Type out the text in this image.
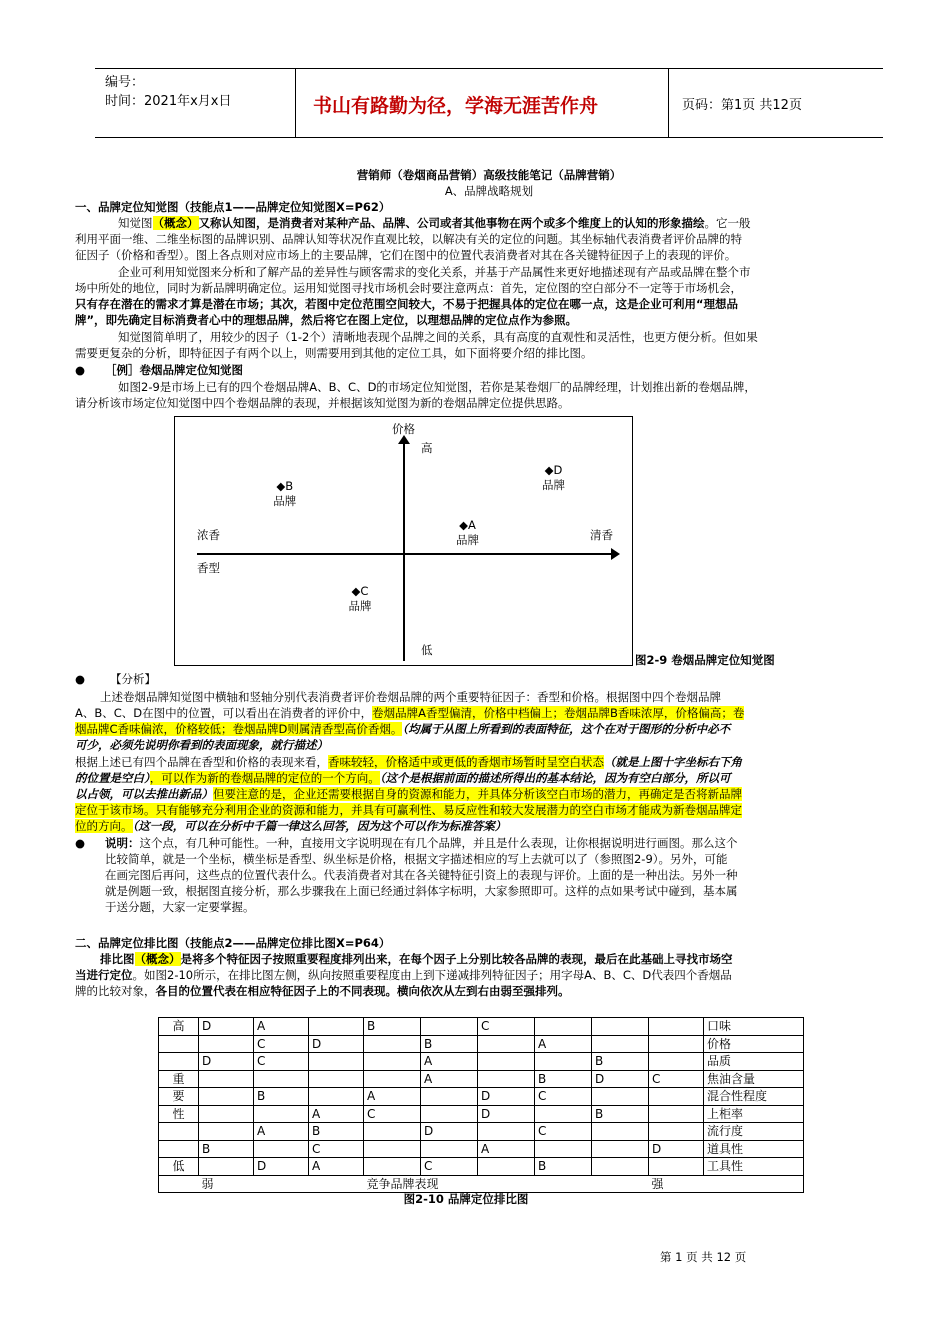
编号：
时间：2021年x月x日	书山有路勤为径，学海无涯苦作舟	页码：第1页 共12页
营销师（卷烟商品营销）高级技能笔记（品牌营销）
A、品牌战略规划
一、品牌定位知觉图（技能点1——品牌定位知觉图X=P62）
知觉图（概念）又称认知图，是消费者对某种产品、品牌、公司或者其他事物在两个或多个维度上的认知的形象描绘。它一般
利用平面一维、二维坐标图的品牌识别、品牌认知等状况作直观比较，以解决有关的定位的问题。其坐标轴代表消费者评价品牌的特
征因子（价格和香型）。图上各点则对应市场上的主要品牌，它们在图中的位置代表消费者对其在各关键特征因子上的表现的评价。
企业可利用知觉图来分析和了解产品的差异性与顾客需求的变化关系，并基于产品属性来更好地描述现有产品或品牌在整个市
场中所处的地位，同时为新品牌明确定位。运用知觉图寻找市场机会时要注意两点：首先，定位图的空白部分不一定等于市场机会，
只有存在潜在的需求才算是潜在市场；其次，若图中定位范围空间较大，不易于把握具体的定位在哪一点，这是企业可利用“理想品
牌”，即先确定目标消费者心中的理想品牌，然后将它在图上定位，以理想品牌的定位点作为参照。
知觉图简单明了，用较少的因子（1-2个）清晰地表现个品牌之间的关系，具有高度的直观性和灵活性，也更方便分析。但如果
需要更复杂的分析，即特征因子有两个以上，则需要用到其他的定位工具，如下面将要介绍的排比图。
● ［例］卷烟品牌定位知觉图
如图2-9是市场上已有的四个卷烟品牌A、B、C、D的市场定位知觉图，若你是某卷烟厂的品牌经理，计划推出新的卷烟品牌，
请分析该市场定位知觉图中四个卷烟品牌的表现，并根据该知觉图为新的卷烟品牌定位提供思路。
价格
高
低
浓香
香型
清香
◆B
品牌
◆D
品牌
◆A
品牌
◆C
品牌
图2-9 卷烟品牌定位知觉图
● 【分析】
上述卷烟品牌知觉图中横轴和竖轴分别代表消费者评价卷烟品牌的两个重要特征因子：香型和价格。根据图中四个卷烟品牌
A、B、C、D在图中的位置，可以看出在消费者的评价中，卷烟品牌A香型偏清，价格中档偏上；卷烟品牌B香味浓厚，价格偏高；卷
烟品牌C香味偏浓，价格较低；卷烟品牌D则属清香型高价香烟。（均属于从图上所看到的表面特征，这个在对于图形的分析中必不
可少，必须先说明你看到的表面现象，就行描述）
根据上述已有四个品牌在香型和价格的表现来看，香味较轻，价格适中或更低的香烟市场暂时呈空白状态（就是上图十字坐标右下角
的位置是空白），可以作为新的卷烟品牌的定位的一个方向。（这个是根据前面的描述所得出的基本结论，因为有空白部分，所以可
以占领，可以去推出新品）但要注意的是，企业还需要根据自身的资源和能力，并具体分析该空白市场的潜力，再确定是否将新品牌
定位于该市场。只有能够充分利用企业的资源和能力，并具有可赢利性、易反应性和较大发展潜力的空白市场才能成为新卷烟品牌定
位的方向。（这一段，可以在分析中千篇一律这么回答，因为这个可以作为标准答案）
● 说明：这个点，有几种可能性。一种，直接用文字说明现在有几个品牌，并且是什么表现，让你根据说明进行画图。那么这个
比较简单，就是一个坐标，横坐标是香型、纵坐标是价格，根据文字描述相应的写上去就可以了（参照图2-9）。另外，可能
在画完图后再问，这些点的位置代表什么。代表消费者对其在各关键特征引资上的表现与评价。上面的是一种出法。另外一种
就是例题一致，根据图直接分析，那么步骤我在上面已经通过斜体字标明，大家参照即可。这样的点如果考试中碰到，基本属
于送分题，大家一定要掌握。
二、品牌定位排比图（技能点2——品牌定位排比图X=P64）
排比图（概念）是将多个特征因子按照重要程度排列出来，在每个因子上分别比较各品牌的表现，最后在此基础上寻找市场空
当进行定位。如图2-10所示，在排比图左侧，纵向按照重要程度由上到下递减排列特征因子；用字母A、B、C、D代表四个香烟品
牌的比较对象，各目的位置代表在相应特征因子上的不同表现。横向依次从左到右由弱至强排列。
高	D	A		B		C				口味
		C	D		B		A			价格
	D	C			A			B		品质
重					A		B	D	C	焦油含量
要		B		A		D	C			混合性程度
性			A	C		D		B		上柜率
		A	B		D		C			流行度
	B		C			A			D	道具性
低		D	A		C		B			工具性
	弱			竞争品牌表现					强	
图2-10 品牌定位排比图
第 1 页 共 12 页
